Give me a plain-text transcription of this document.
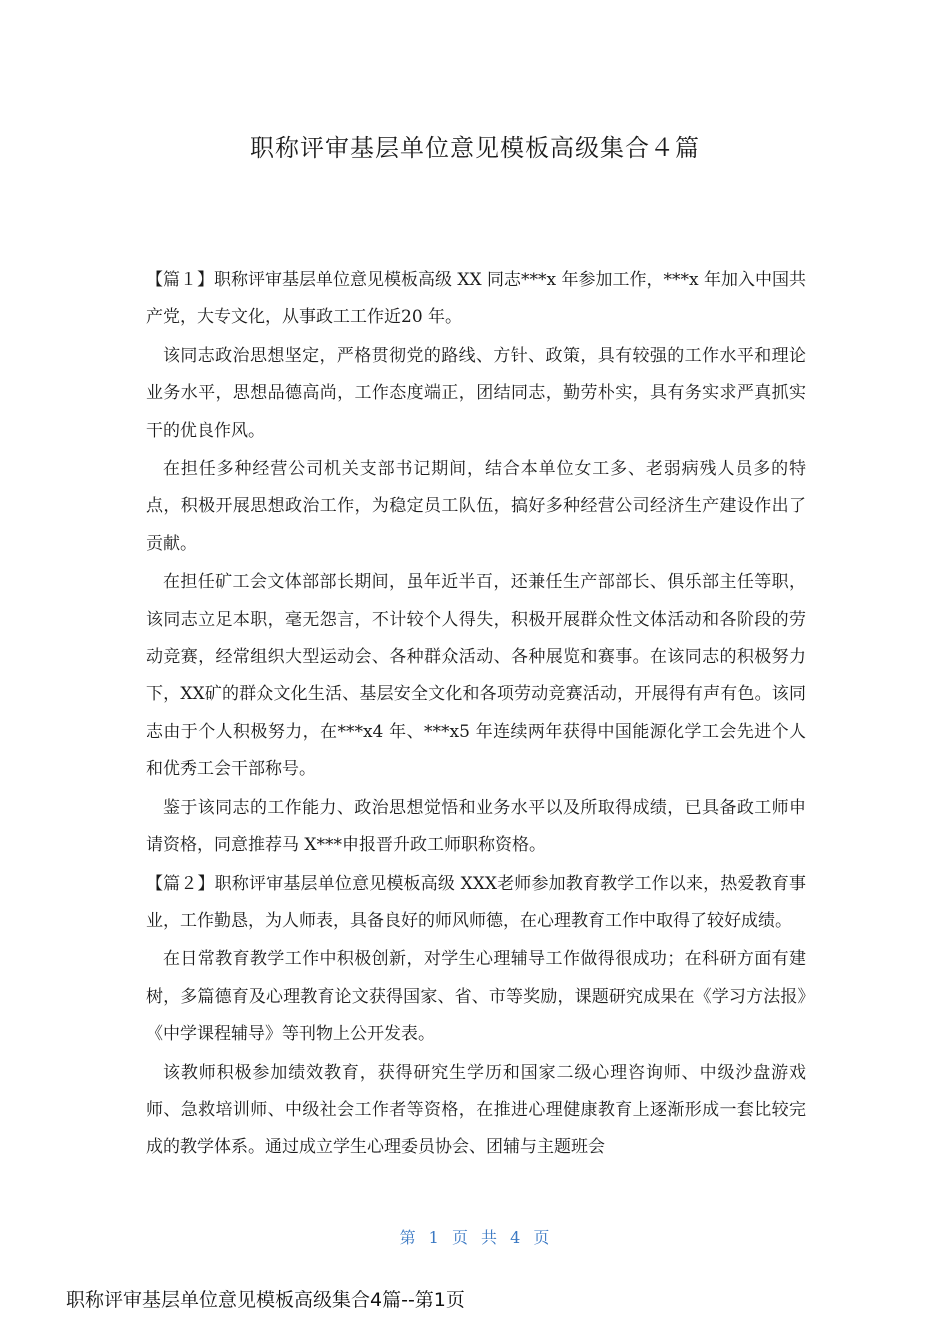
职称评审基层单位意见模板高级集合４篇

【篇１】职称评审基层单位意见模板高级 XX 同志***x 年参加工作，***x 年加入中国共产党，大专文化，从事政工工作近20 年。

该同志政治思想坚定，严格贯彻党的路线、方针、政策，具有较强的工作水平和理论业务水平，思想品德高尚，工作态度端正，团结同志，勤劳朴实，具有务实求严真抓实干的优良作风。

在担任多种经营公司机关支部书记期间，结合本单位女工多、老弱病残人员多的特点，积极开展思想政治工作，为稳定员工队伍，搞好多种经营公司经济生产建设作出了贡献。

在担任矿工会文体部部长期间，虽年近半百，还兼任生产部部长、俱乐部主任等职，该同志立足本职，毫无怨言，不计较个人得失，积极开展群众性文体活动和各阶段的劳动竞赛，经常组织大型运动会、各种群众活动、各种展览和赛事。在该同志的积极努力下，XX矿的群众文化生活、基层安全文化和各项劳动竞赛活动，开展得有声有色。该同志由于个人积极努力，在***x4 年、***x5 年连续两年获得中国能源化学工会先进个人和优秀工会干部称号。

鉴于该同志的工作能力、政治思想觉悟和业务水平以及所取得成绩，已具备政工师申请资格，同意推荐马 X***申报晋升政工师职称资格。

【篇２】职称评审基层单位意见模板高级 XXX老师参加教育教学工作以来，热爱教育事业，工作勤恳，为人师表，具备良好的师风师德，在心理教育工作中取得了较好成绩。

在日常教育教学工作中积极创新，对学生心理辅导工作做得很成功；在科研方面有建树，多篇德育及心理教育论文获得国家、省、市等奖励，课题研究成果在《学习方法报》《中学课程辅导》等刊物上公开发表。

该教师积极参加绩效教育，获得研究生学历和国家二级心理咨询师、中级沙盘游戏师、急救培训师、中级社会工作者等资格，在推进心理健康教育上逐渐形成一套比较完成的教学体系。通过成立学生心理委员协会、团辅与主题班会

第 1 页 共 4 页
职称评审基层单位意见模板高级集合4篇--第1页
